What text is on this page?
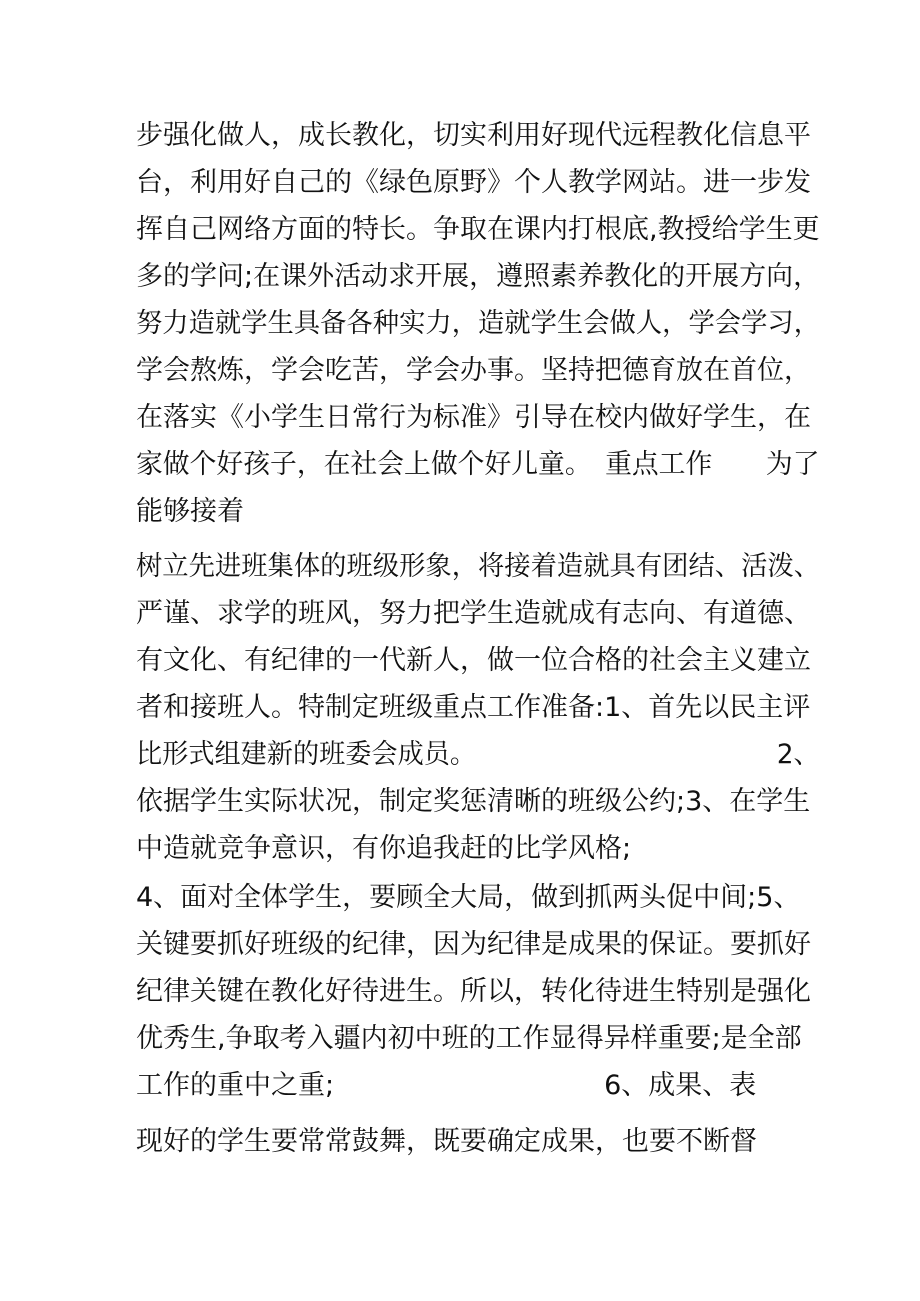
步强化做人，成长教化，切实利用好现代远程教化信息平
台，利用好自己的《绿色原野》个人教学网站。进一步发
挥自己网络方面的特长。争取在课内打根底,教授给学生更
多的学问;在课外活动求开展，遵照素养教化的开展方向，
努力造就学生具备各种实力，造就学生会做人，学会学习，
学会熬炼，学会吃苦，学会办事。坚持把德育放在首位，
在落实《小学生日常行为标准》引导在校内做好学生，在
家做个好孩子，在社会上做个好儿童。　重点工作　　为了
能够接着
树立先进班集体的班级形象，将接着造就具有团结、活泼、
严谨、求学的班风，努力把学生造就成有志向、有道德、
有文化、有纪律的一代新人，做一位合格的社会主义建立
者和接班人。特制定班级重点工作准备:1、首先以民主评
比形式组建新的班委会成员。　　　　　　　　　　　　2、
依据学生实际状况，制定奖惩清晰的班级公约;3、在学生
中造就竞争意识，有你追我赶的比学风格;
4、面对全体学生，要顾全大局，做到抓两头促中间;5、
关键要抓好班级的纪律，因为纪律是成果的保证。要抓好
纪律关键在教化好待进生。所以，转化待进生特别是强化
优秀生,争取考入疆内初中班的工作显得异样重要;是全部
工作的重中之重;　　　　　　　　　　6、成果、表
现好的学生要常常鼓舞，既要确定成果，也要不断督
